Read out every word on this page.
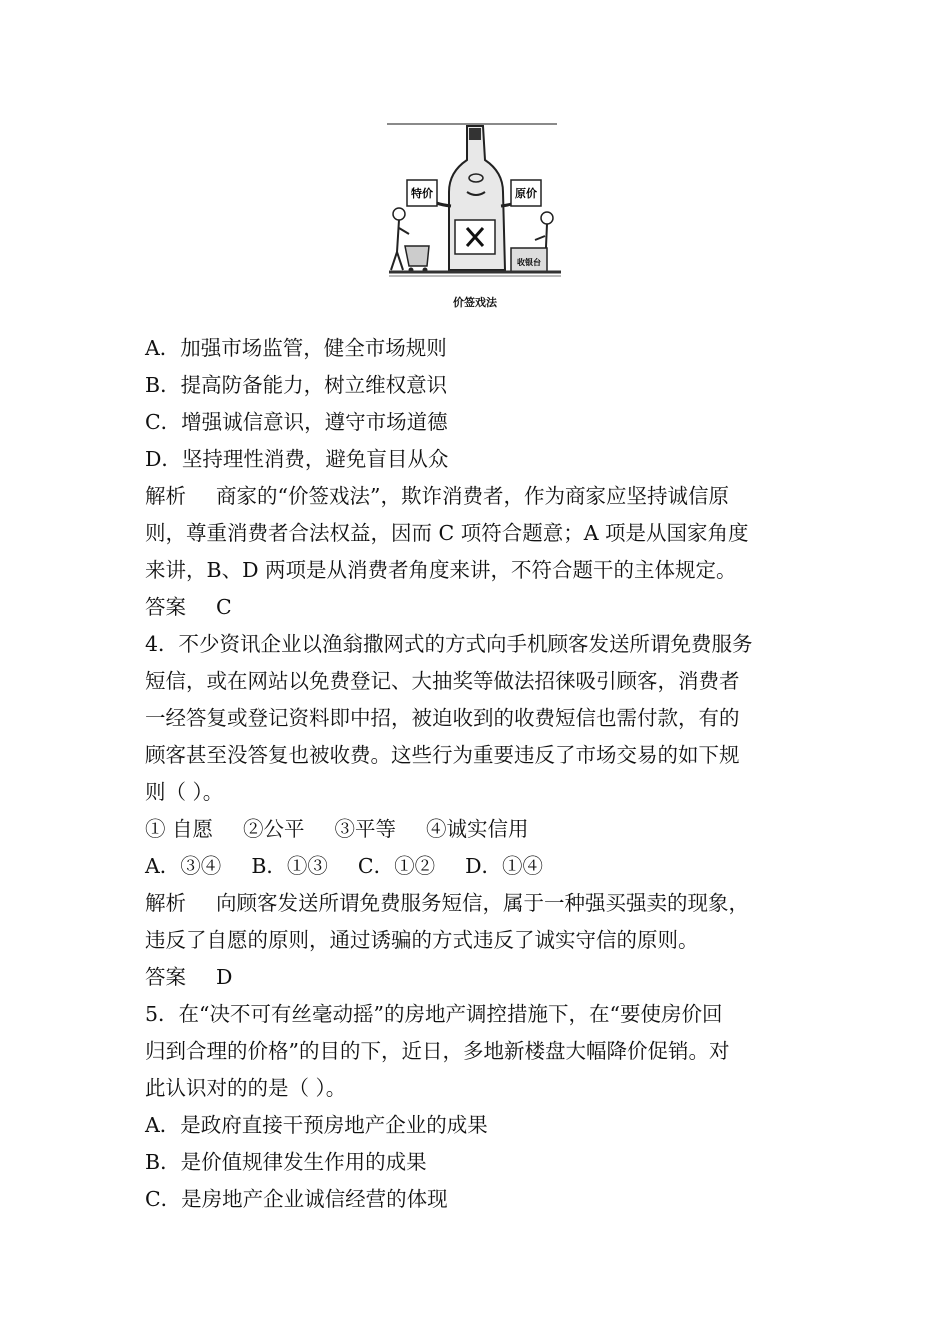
特价	原价
收银台
价签戏法
A．加强市场监管，健全市场规则
B．提高防备能力，树立维权意识
C．增强诚信意识，遵守市场道德
D．坚持理性消费，避免盲目从众
解析 商家的“价签戏法”，欺诈消费者，作为商家应坚持诚信原
则，尊重消费者合法权益，因而 C 项符合题意；A 项是从国家角度
来讲，B、D 两项是从消费者角度来讲，不符合题干的主体规定。
答案 C
4．不少资讯企业以渔翁撒网式的方式向手机顾客发送所谓免费服务
短信，或在网站以免费登记、大抽奖等做法招徕吸引顾客，消费者
一经答复或登记资料即中招，被迫收到的收费短信也需付款，有的
顾客甚至没答复也被收费。这些行为重要违反了市场交易的如下规
则（ ）。
① 自愿 ②公平 ③平等 ④诚实信用
A．③④ B．①③ C．①② D．①④
解析 向顾客发送所谓免费服务短信，属于一种强买强卖的现象，
违反了自愿的原则，通过诱骗的方式违反了诚实守信的原则。
答案 D
5．在“决不可有丝毫动摇”的房地产调控措施下，在“要使房价回
归到合理的价格”的目的下，近日，多地新楼盘大幅降价促销。对
此认识对的的是（ ）。
A．是政府直接干预房地产企业的成果
B．是价值规律发生作用的成果
C．是房地产企业诚信经营的体现
